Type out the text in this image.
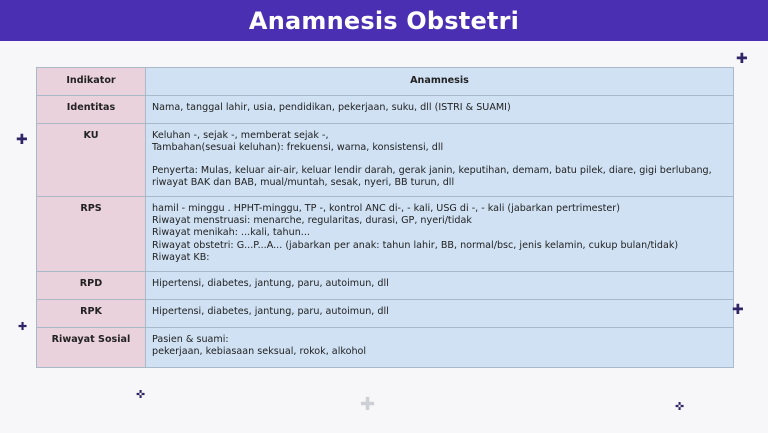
Anamnesis Obstetri
Indikator	Anamnesis
Identitas	Nama, tanggal lahir, usia, pendidikan, pekerjaan, suku, dll (ISTRI & SUAMI)

KU	Keluhan -, sejak -, memberat sejak -,
Tambahan(sesuai keluhan): frekuensi, warna, konsistensi, dll
Penyerta: Mulas, keluar air-air, keluar lendir darah, gerak janin, keputihan, demam, batu pilek, diare, gigi berlubang, riwayat BAK dan BAB, mual/muntah, sesak, nyeri, BB turun, dll

RPS	hamil - minggu . HPHT-minggu, TP -, kontrol ANC di-, - kali, USG di -, - kali (jabarkan pertrimester)
Riwayat menstruasi: menarche, regularitas, durasi, GP, nyeri/tidak
Riwayat menikah: ...kali, tahun...
Riwayat obstetri: G...P...A... (jabarkan per anak: tahun lahir, BB, normal/bsc, jenis kelamin, cukup bulan/tidak)
Riwayat KB:

RPD	Hipertensi, diabetes, jantung, paru, autoimun, dll

RPK	Hipertensi, diabetes, jantung, paru, autoimun, dll

Riwayat Sosial	Pasien & suami:
pekerjaan, kebiasaan seksual, rokok, alkohol
✚
✚
✚
✚
✜	✚	✜
